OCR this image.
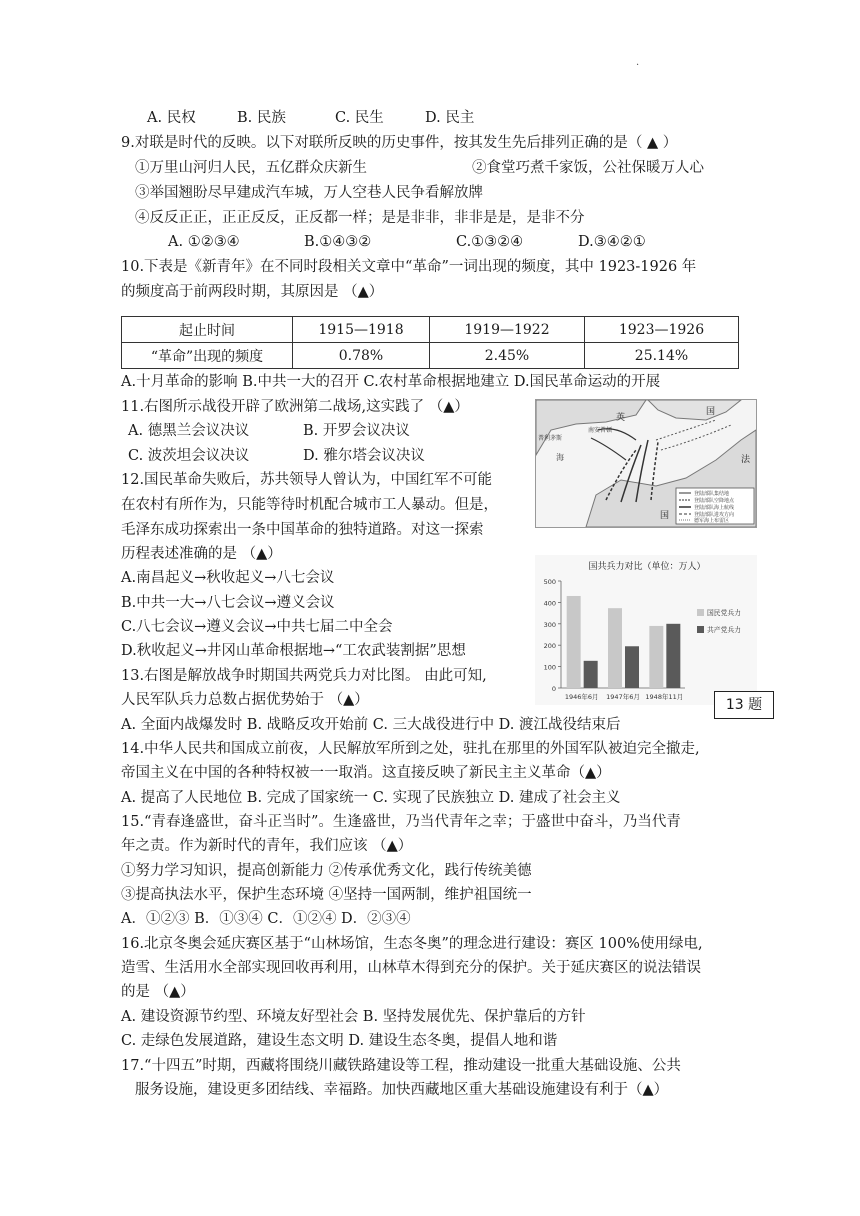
·
A. 民权	B. 民族	C. 民生	D. 民主
9.对联是时代的反映。以下对联所反映的历史事件，按其发生先后排列正确的是（ ▲ ）
①万里山河归人民，五亿群众庆新生	②食堂巧煮千家饭，公社保暖万人心
③举国翘盼尽早建成汽车城，万人空巷人民争看解放牌
④反反正正，正正反反，正反都一样；是是非非，非非是是，是非不分
A. ①②③④	B.①④③②	C.①③②④	D.③④②①
10.下表是《新青年》在不同时段相关文章中“革命”一词出现的频度，其中 1923-1926 年
的频度高于前两段时期，其原因是 （▲）
起止时间	1915—1918	1919—1922	1923—1926
“革命”出现的频度	0.78%	2.45%	25.14%
A.十月革命的影响 B.中共一大的召开 C.农村革命根据地建立 D.国民革命运动的开展
11.右图所示战役开辟了欧洲第二战场,这实践了 （▲）
A. 德黑兰会议决议	B. 开罗会议决议
C. 波茨坦会议决议	D. 雅尔塔会议决议
英
国
法
国
海
南安普顿
普利茅斯
登陆部队集结地
登陆部队空降地点
登陆部队海上航线
登陆部队进攻方向
德军海上布雷区
12.国民革命失败后，苏共领导人曾认为，中国红军不可能
在农村有所作为，只能等待时机配合城市工人暴动。但是，
毛泽东成功探索出一条中国革命的独特道路。对这一探索
历程表述准确的是 （▲）
A.南昌起义→秋收起义→八七会议
B.中共一大→八七会议→遵义会议
C.八七会议→遵义会议→中共七届二中全会
D.秋收起义→井冈山革命根据地→“工农武装割据”思想
国共兵力对比（单位：万人）
0
100
200
300
400
500
1946年6月 1947年6月 1948年11月
国民党兵力
共产党兵力
13 题
13.右图是解放战争时期国共两党兵力对比图。 由此可知,
人民军队兵力总数占据优势始于 （▲）
A. 全面内战爆发时 B. 战略反攻开始前 C. 三大战役进行中 D. 渡江战役结束后
14.中华人民共和国成立前夜，人民解放军所到之处，驻扎在那里的外国军队被迫完全撤走,
帝国主义在中国的各种特权被一一取消。这直接反映了新民主主义革命（▲）
A. 提高了人民地位 B. 完成了国家统一 C. 实现了民族独立 D. 建成了社会主义
15.“青春逢盛世，奋斗正当时”。生逢盛世，乃当代青年之幸；于盛世中奋斗，乃当代青
年之责。作为新时代的青年，我们应该 （▲）
①努力学习知识，提高创新能力 ②传承优秀文化，践行传统美德
③提高执法水平，保护生态环境 ④坚持一国两制，维护祖国统一
A．①②③ B．①③④ C．①②④ D．②③④
16.北京冬奥会延庆赛区基于“山林场馆，生态冬奥”的理念进行建设：赛区 100%使用绿电,
造雪、生活用水全部实现回收再利用，山林草木得到充分的保护。关于延庆赛区的说法错误
的是 （▲）
A. 建设资源节约型、环境友好型社会 B. 坚持发展优先、保护靠后的方针
C. 走绿色发展道路，建设生态文明 D. 建设生态冬奥，提倡人地和谐
17.“十四五”时期，西藏将围绕川藏铁路建设等工程，推动建设一批重大基础设施、公共
服务设施，建设更多团结线、幸福路。加快西藏地区重大基础设施建设有利于（▲）
